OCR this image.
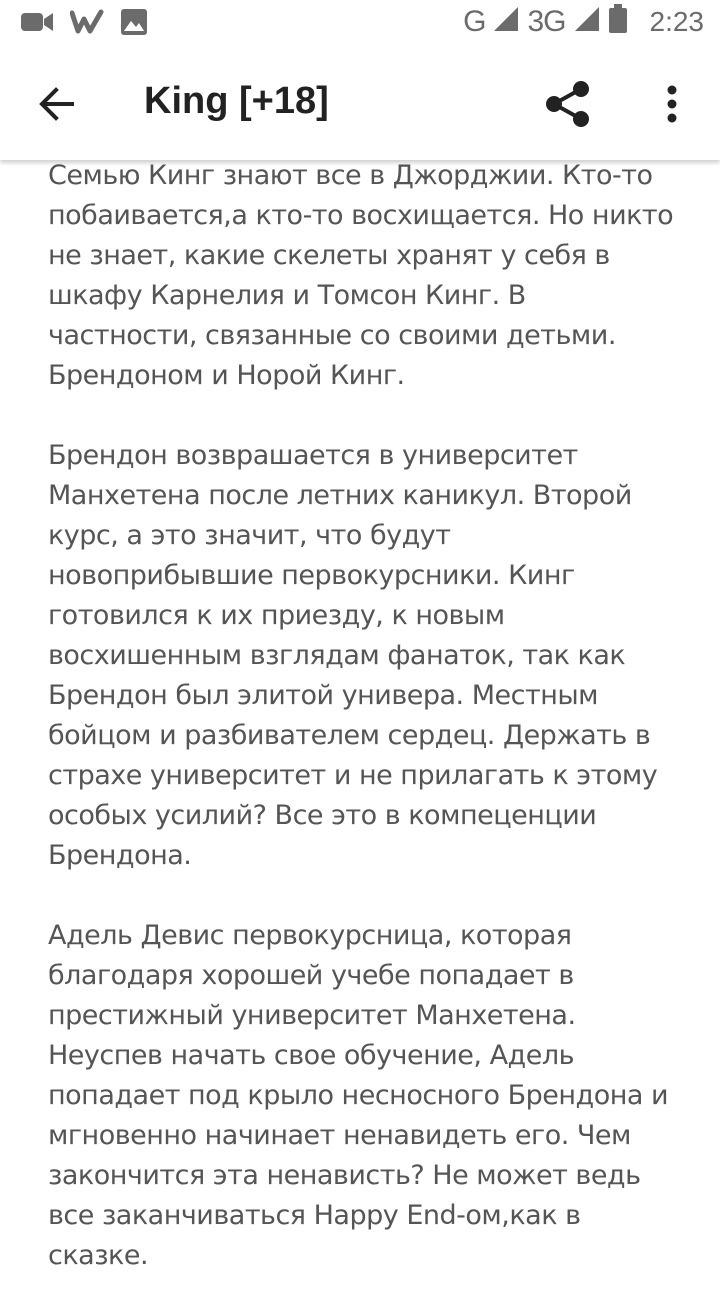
G 3G	2:23
King [+18]

Семью Кинг знают все в Джорджии. Кто-то побаивается,а кто-то восхищается. Но никто не знает, какие скелеты хранят у себя в шкафу Карнелия и Томсон Кинг. В частности, связанные со своими детьми. Брендоном и Норой Кинг.

Брендон возврашается в университет Манхетена после летних каникул. Второй курс, а это значит, что будут новоприбывшие первокурсники. Кинг готовился к их приезду, к новым восхишенным взглядам фанаток, так как Брендон был элитой универа. Местным бойцом и разбивателем сердец. Держать в страхе университет и не прилагать к этому особых усилий? Все это в компеценции Брендона.

Адель Девис первокурсница, которая благодаря хорошей учебе попадает в престижный университет Манхетена. Неуспев начать свое обучение, Адель попадает под крыло несносного Брендона и мгновенно начинает ненавидеть его. Чем закончится эта ненависть? Не может ведь все заканчиваться Happy End-ом,как в сказке.
